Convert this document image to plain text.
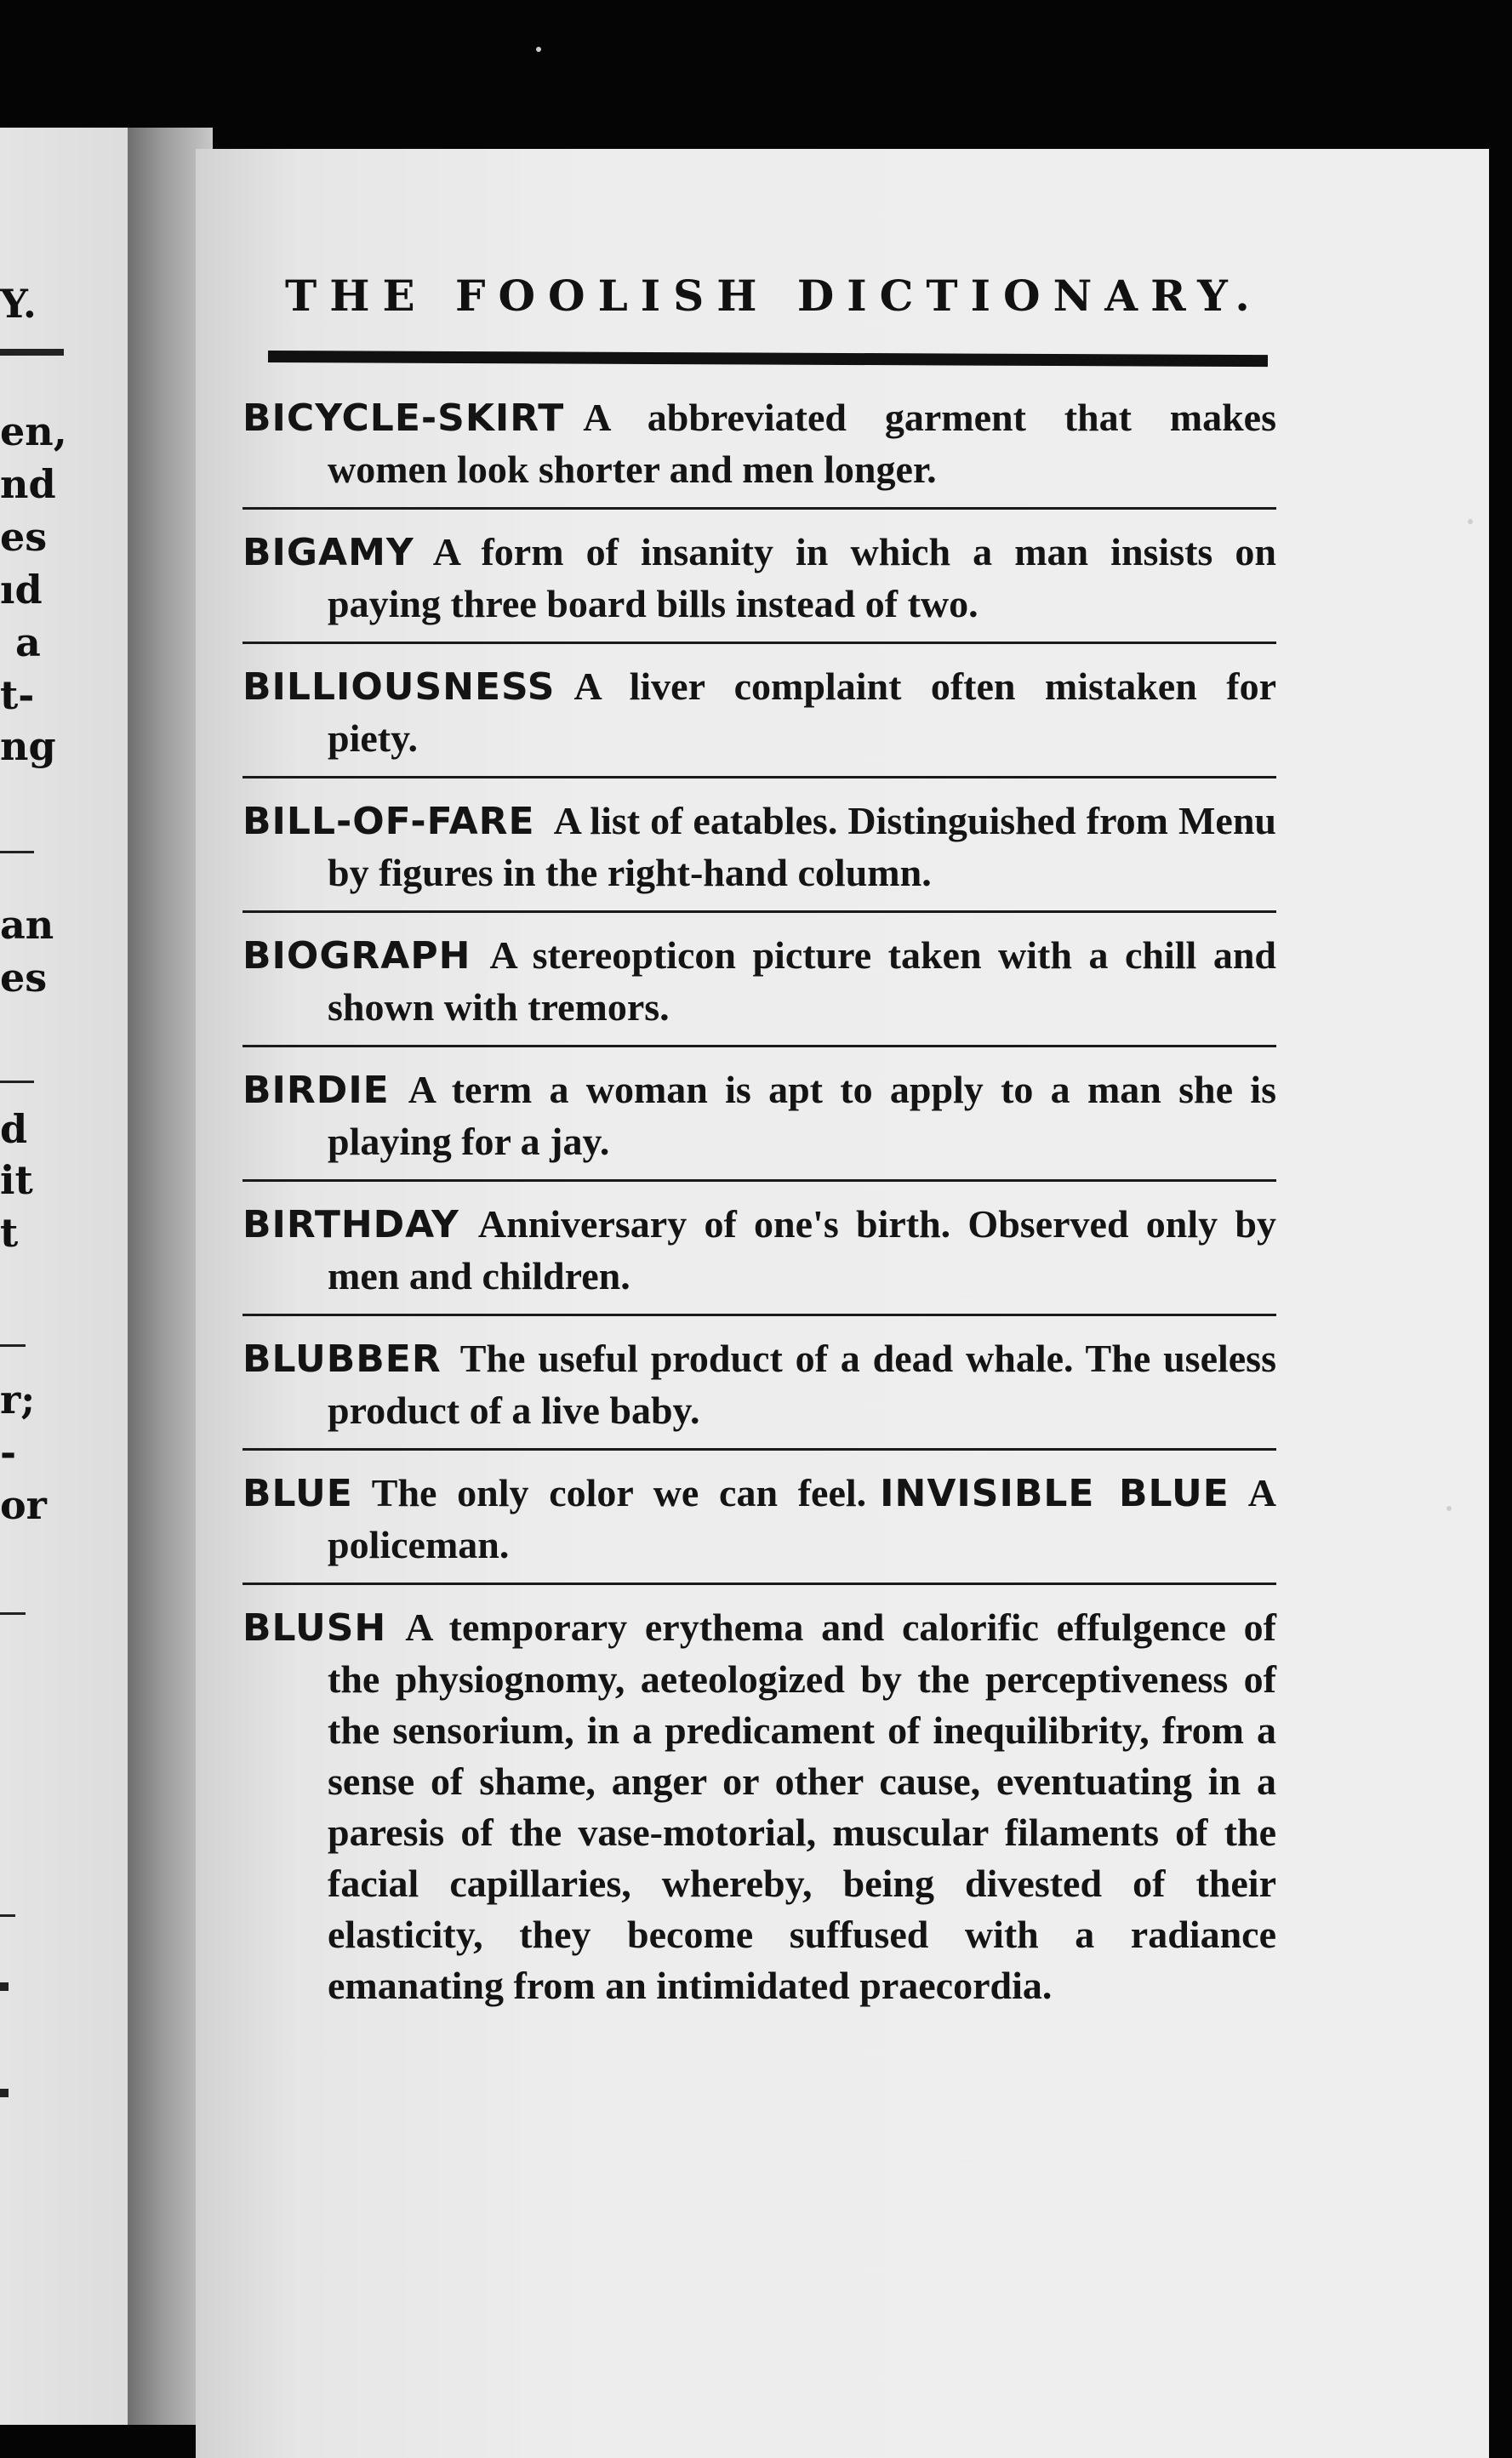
Y.
en,
nd
es
ıd
a
t-
ng
an
es
d
it
t
r;
-
or
THE FOOLISH DICTIONARY.
BICYCLE-SKIRT A abbreviated garment that makes women look shorter and men longer.
BIGAMY A form of insanity in which a man insists on paying three board bills instead of two.
BILLIOUSNESS A liver complaint often mistaken for piety.
BILL-OF-FARE A list of eatables. Distinguished from Menu by figures in the right-hand column.
BIOGRAPH A stereopticon picture taken with a chill and shown with tremors.
BIRDIE A term a woman is apt to apply to a man she is playing for a jay.
BIRTHDAY Anniversary of one's birth. Observed only by men and children.
BLUBBER The useful product of a dead whale. The useless product of a live baby.
BLUE The only color we can feel. INVISIBLE BLUE A policeman.
BLUSH A temporary erythema and calorific effulgence of the physiognomy, aeteologized by the perceptiveness of the sensorium, in a predicament of inequilibrity, from a sense of shame, anger or other cause, eventuating in a paresis of the vase-motorial, muscular filaments of the facial capillaries, whereby, being divested of their elasticity, they become suffused with a radiance emanating from an intimidated praecordia.
